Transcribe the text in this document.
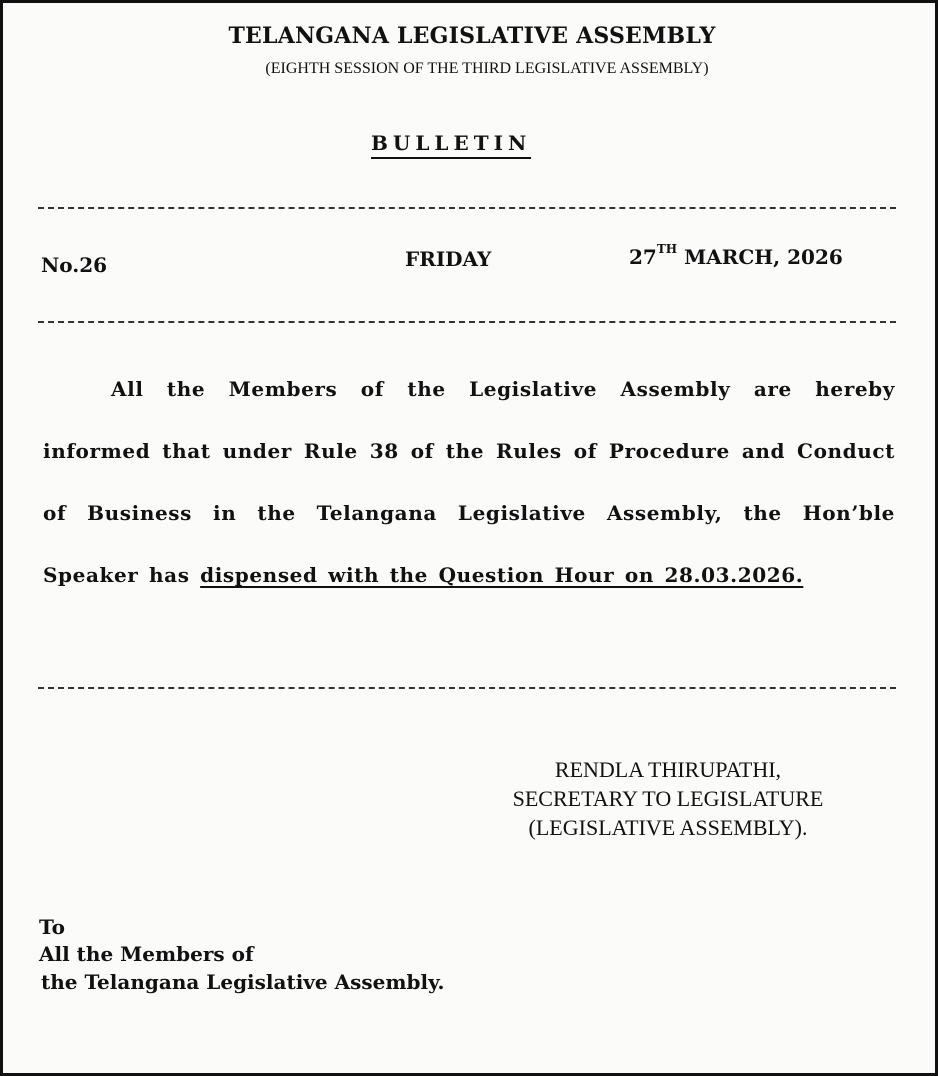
TELANGANA LEGISLATIVE ASSEMBLY
(EIGHTH SESSION OF THE THIRD LEGISLATIVE ASSEMBLY)
BULLETIN
No.26	FRIDAY	27TH MARCH, 2026
All the Members of the Legislative Assembly are hereby informed that under Rule 38 of the Rules of Procedure and Conduct of Business in the Telangana Legislative Assembly, the Hon’ble Speaker has dispensed with the Question Hour on 28.03.2026.
RENDLA THIRUPATHI,
SECRETARY TO LEGISLATURE
(LEGISLATIVE ASSEMBLY).
To
All the Members of
the Telangana Legislative Assembly.
